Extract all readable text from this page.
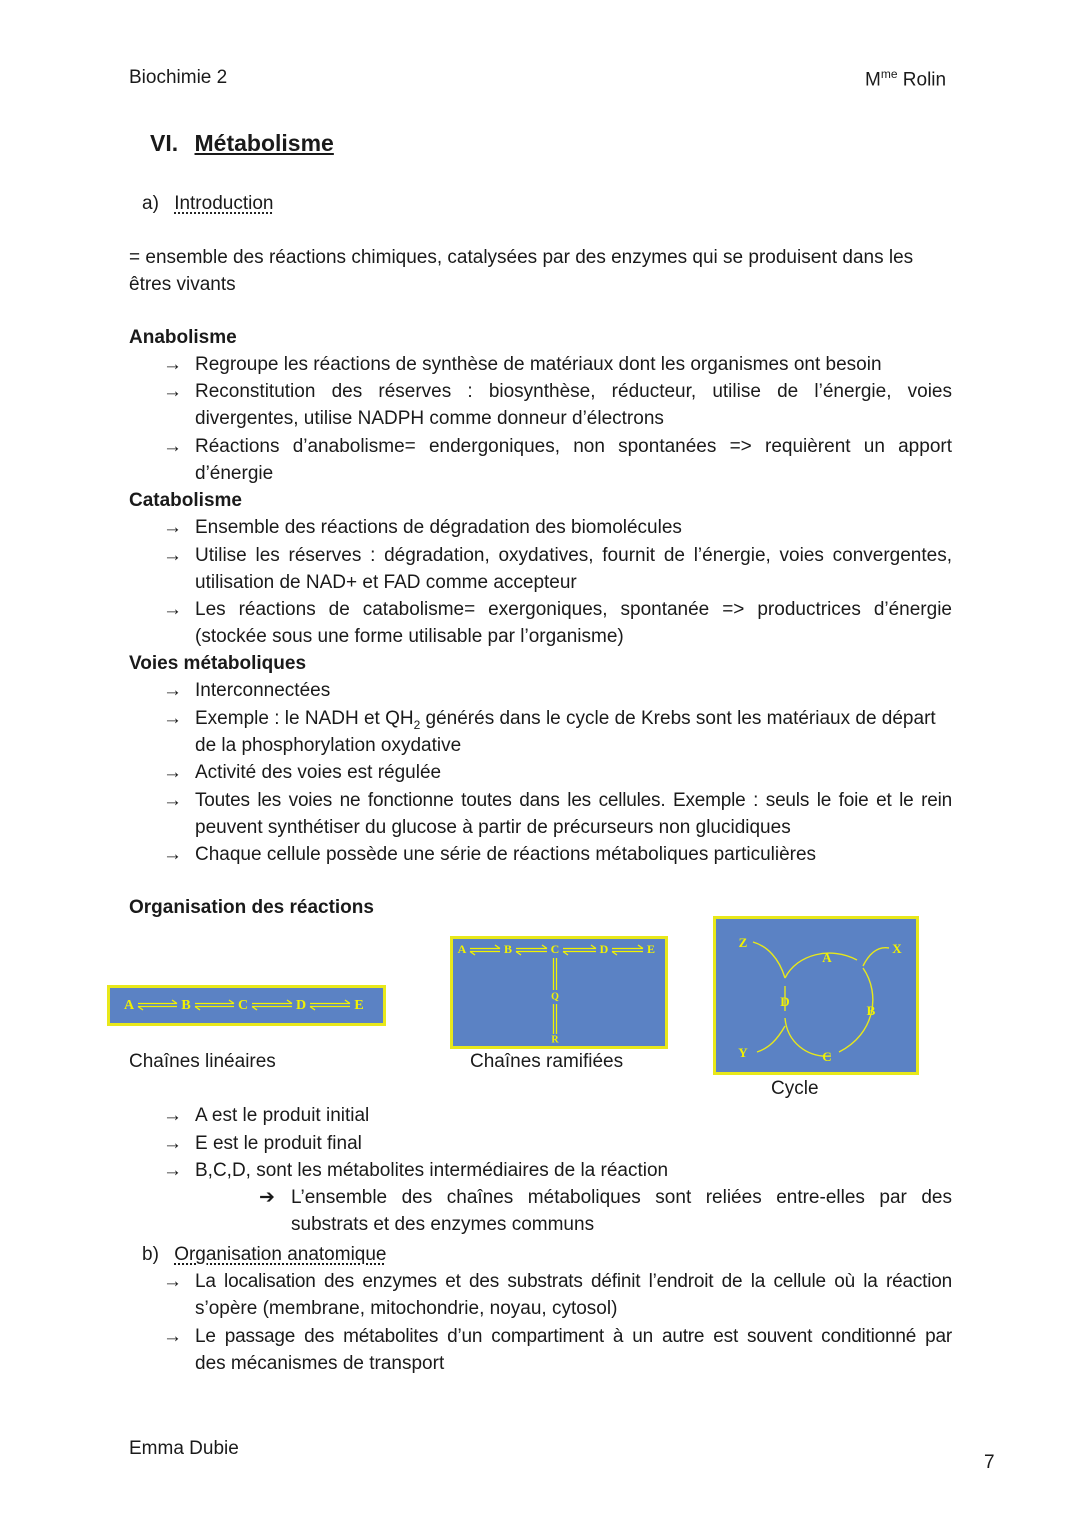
Biochimie 2	$M^{me}$ Rolin
VI. Métabolisme
a) Introduction
= ensemble des réactions chimiques, catalysées par des enzymes qui se produisent dans les
êtres vivants
Anabolisme
→ Regroupe les réactions de synthèse de matériaux dont les organismes ont besoin
→ Reconstitution des réserves : biosynthèse, réducteur, utilise de l’énergie, voies
divergentes, utilise NADPH comme donneur d’électrons
→ Réactions d’anabolisme= endergoniques, non spontanées => requièrent un apport
d’énergie
Catabolisme
→ Ensemble des réactions de dégradation des biomolécules
→ Utilise les réserves : dégradation, oxydatives, fournit de l’énergie, voies convergentes,
utilisation de NAD+ et FAD comme accepteur
→ Les réactions de catabolisme= exergoniques, spontanée => productrices d’énergie
(stockée sous une forme utilisable par l’organisme)
Voies métaboliques
→ Interconnectées
→ Exemple : le NADH et $QH_2$ générés dans le cycle de Krebs sont les matériaux de départ
de la phosphorylation oxydative
→ Activité des voies est régulée
→ Toutes les voies ne fonctionne toutes dans les cellules. Exemple : seuls le foie et le rein
peuvent synthétiser du glucose à partir de précurseurs non glucidiques
→ Chaque cellule possède une série de réactions métaboliques particulières
Organisation des réactions
A	B	C	D	E
Chaînes linéaires
A	B	C	D	E
Q
R
Chaînes ramifiées
A
B
C
D
Z	X
Y
Cycle
→ A est le produit initial
→ E est le produit final
→ B,C,D, sont les métabolites intermédiaires de la réaction
➔ L’ensemble des chaînes métaboliques sont reliées entre-elles par des
substrats et des enzymes communs
b) Organisation anatomique
→ La localisation des enzymes et des substrats définit l’endroit de la cellule où la réaction
s’opère (membrane, mitochondrie, noyau, cytosol)
→ Le passage des métabolites d’un compartiment à un autre est souvent conditionné par
des mécanismes de transport
Emma Dubie
7
